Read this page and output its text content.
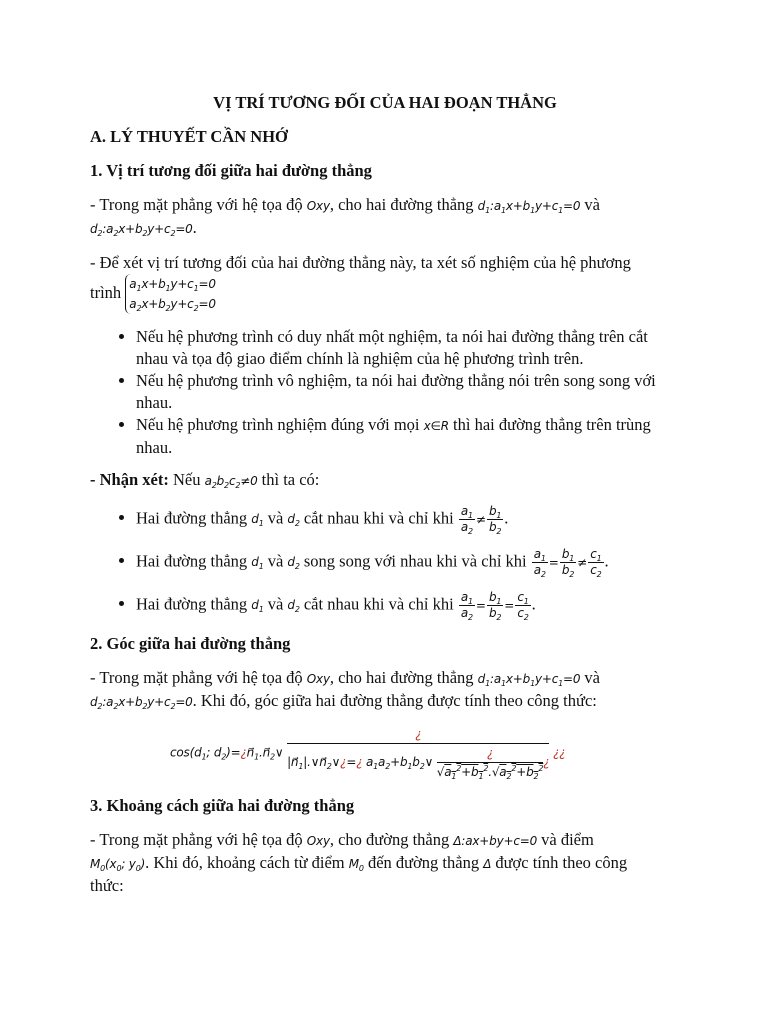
VỊ TRÍ TƯƠNG ĐỐI CỦA HAI ĐOẠN THẲNG
A. LÝ THUYẾT CẦN NHỚ
1. Vị trí tương đối giữa hai đường thẳng

- Trong mặt phẳng với hệ tọa độ Oxy, cho hai đường thẳng $d_1:a_1x+b_1y+c_1=0$ và
$d_2:a_2x+b_2y+c_2=0$.

- Để xét vị trí tương đối của hai đường thẳng này, ta xét số nghiệm của hệ phương
trình $a_1x+b_1y+c_1=0$
$a_2x+b_2y+c_2=0$

• Nếu hệ phương trình có duy nhất một nghiệm, ta nói hai đường thẳng trên cắt nhau và tọa độ giao điểm chính là nghiệm của hệ phương trình trên.
• Nếu hệ phương trình vô nghiệm, ta nói hai đường thẳng nói trên song song với nhau.
• Nếu hệ phương trình nghiệm đúng với mọi x∈R thì hai đường thẳng trên trùng nhau.

- Nhận xét: Nếu $a_2b_2c_2\ne 0$ thì ta có:

• Hai đường thẳng $d_1$ và $d_2$ cắt nhau khi và chỉ khi $\frac{a_1}{a_2} \ne \frac{b_1}{b_2}$ .
• Hai đường thẳng $d_1$ và $d_2$ song song với nhau khi và chỉ khi $\frac{a_1}{a_2} = \frac{b_1}{b_2} \ne \frac{c_1}{c_2}$ .
• Hai đường thẳng $d_1$ và $d_2$ cắt nhau khi và chỉ khi $\frac{a_1}{a_2} = \frac{b_1}{b_2} = \frac{c_1}{c_2}$ .
2. Góc giữa hai đường thẳng

- Trong mặt phẳng với hệ tọa độ Oxy, cho hai đường thẳng $d_1:a_1x+b_1y+c_1=0$ và
$d_2:a_2x+b_2y+c_2=0$. Khi đó, góc giữa hai đường thẳng được tính theo công thức:

$\cos(d_1$; $d_2)=¿n⃗_1.n⃗_2\vee$
¿
$|n⃗_1|.\vee n⃗_2\vee¿=¿$ $a_1a_2+b_1b_2\vee$
¿
$√a_1^2+b_1^2.√a_2^2+b_2^2$ ¿
¿¿
3. Khoảng cách giữa hai đường thẳng

- Trong mặt phẳng với hệ tọa độ Oxy, cho đường thẳng Δ:ax+by+c=0 và điểm
$M_0(x_0$; $y_0$). Khi đó, khoảng cách từ điểm $M_0$ đến đường thẳng Δ được tính theo công
thức:
